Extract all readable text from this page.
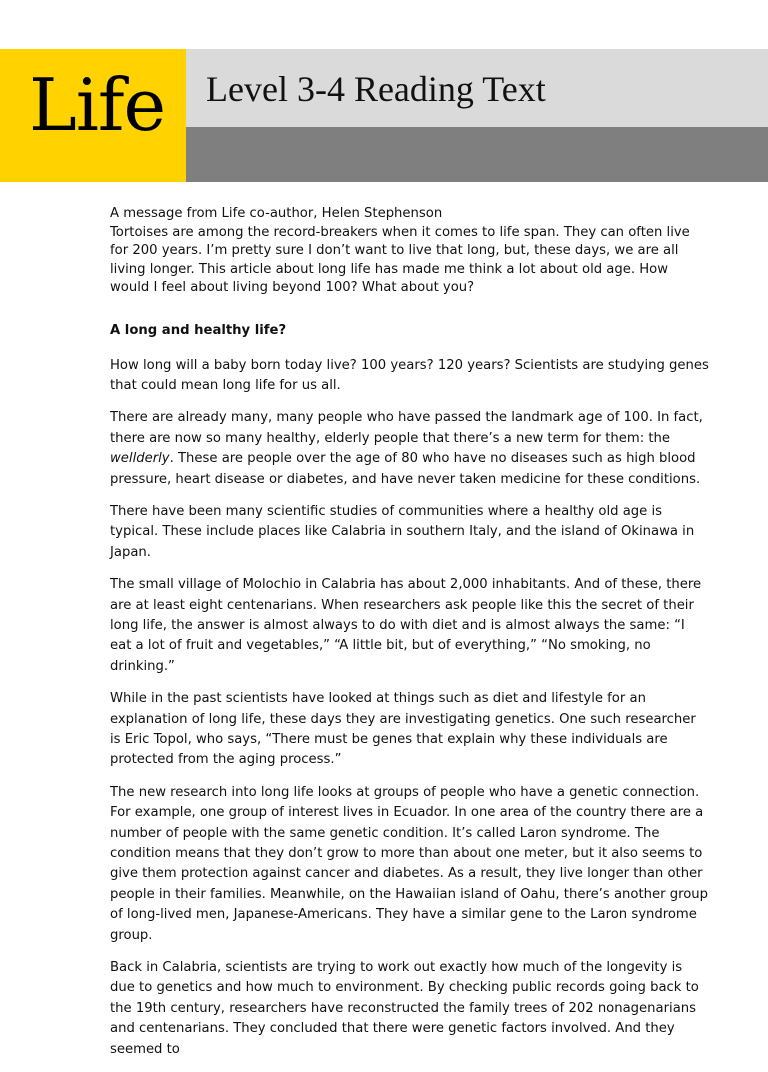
Life Level 3-4 Reading Text

A message from Life co-author, Helen Stephenson

Tortoises are among the record-breakers when it comes to life span. They can often live for 200 years. I’m pretty sure I don’t want to live that long, but, these days, we are all living longer. This article about long life has made me think a lot about old age. How would I feel about living beyond 100? What about you?

A long and healthy life?

How long will a baby born today live? 100 years? 120 years? Scientists are studying genes that could mean long life for us all.

There are already many, many people who have passed the landmark age of 100. In fact, there are now so many healthy, elderly people that there’s a new term for them: the wellderly. These are people over the age of 80 who have no diseases such as high blood pressure, heart disease or diabetes, and have never taken medicine for these conditions.

There have been many scientific studies of communities where a healthy old age is typical. These include places like Calabria in southern Italy, and the island of Okinawa in Japan.

The small village of Molochio in Calabria has about 2,000 inhabitants. And of these, there are at least eight centenarians. When researchers ask people like this the secret of their long life, the answer is almost always to do with diet and is almost always the same: “I eat a lot of fruit and vegetables,” “A little bit, but of everything,” “No smoking, no drinking.”

While in the past scientists have looked at things such as diet and lifestyle for an explanation of long life, these days they are investigating genetics. One such researcher is Eric Topol, who says, “There must be genes that explain why these individuals are protected from the aging process.”

The new research into long life looks at groups of people who have a genetic connection. For example, one group of interest lives in Ecuador. In one area of the country there are a number of people with the same genetic condition. It’s called Laron syndrome. The condition means that they don’t grow to more than about one meter, but it also seems to give them protection against cancer and diabetes. As a result, they live longer than other people in their families. Meanwhile, on the Hawaiian island of Oahu, there’s another group of long-lived men, Japanese-Americans. They have a similar gene to the Laron syndrome group.

Back in Calabria, scientists are trying to work out exactly how much of the longevity is due to genetics and how much to environment. By checking public records going back to the 19th century, researchers have reconstructed the family trees of 202 nonagenarians and centenarians. They concluded that there were genetic factors involved. And they seemed to
